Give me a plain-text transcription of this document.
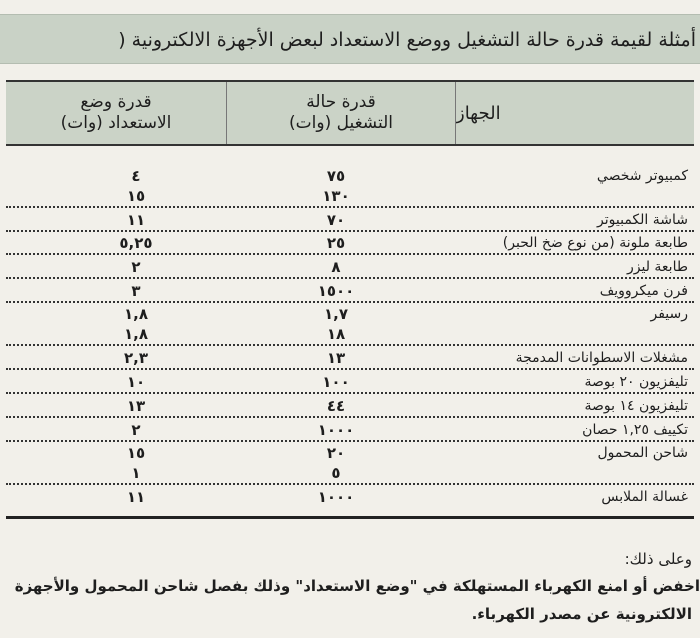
أمثلة لقيمة قدرة حالة التشغيل ووضع الاستعداد لبعض الأجهزة الالكترونية (
الجهاز
قدرة حالة
التشغيل (وات)
قدرة وضع
الاستعداد (وات)
كمبيوتر شخصي
٧٥
٤
١٣٠
١٥
شاشة الكمبيوتر
٧٠
١١
طابعة ملونة (من نوع ضخ الحبر)
٢٥
٥,٢٥
طابعة ليزر
٨
٢
فرن ميكروويف
١٥٠٠
٣
رسيفر
١,٧
١,٨
١٨
١,٨
مشغلات الاسطوانات المدمجة
١٣
٢,٣
تليفزيون ٢٠ بوصة
١٠٠
١٠
تليفزيون ١٤ بوصة
٤٤
١٣
تكييف ١,٢٥ حصان
١٠٠٠
٢
شاحن المحمول
٢٠
١٥
٥
١
غسالة الملابس
١٠٠٠
١١
وعلى ذلك:
اخفض أو امنع الكهرباء المستهلكة في "وضع الاستعداد" وذلك بفصل شاحن المحمول والأجهزة
الالكترونية عن مصدر الكهرباء.
